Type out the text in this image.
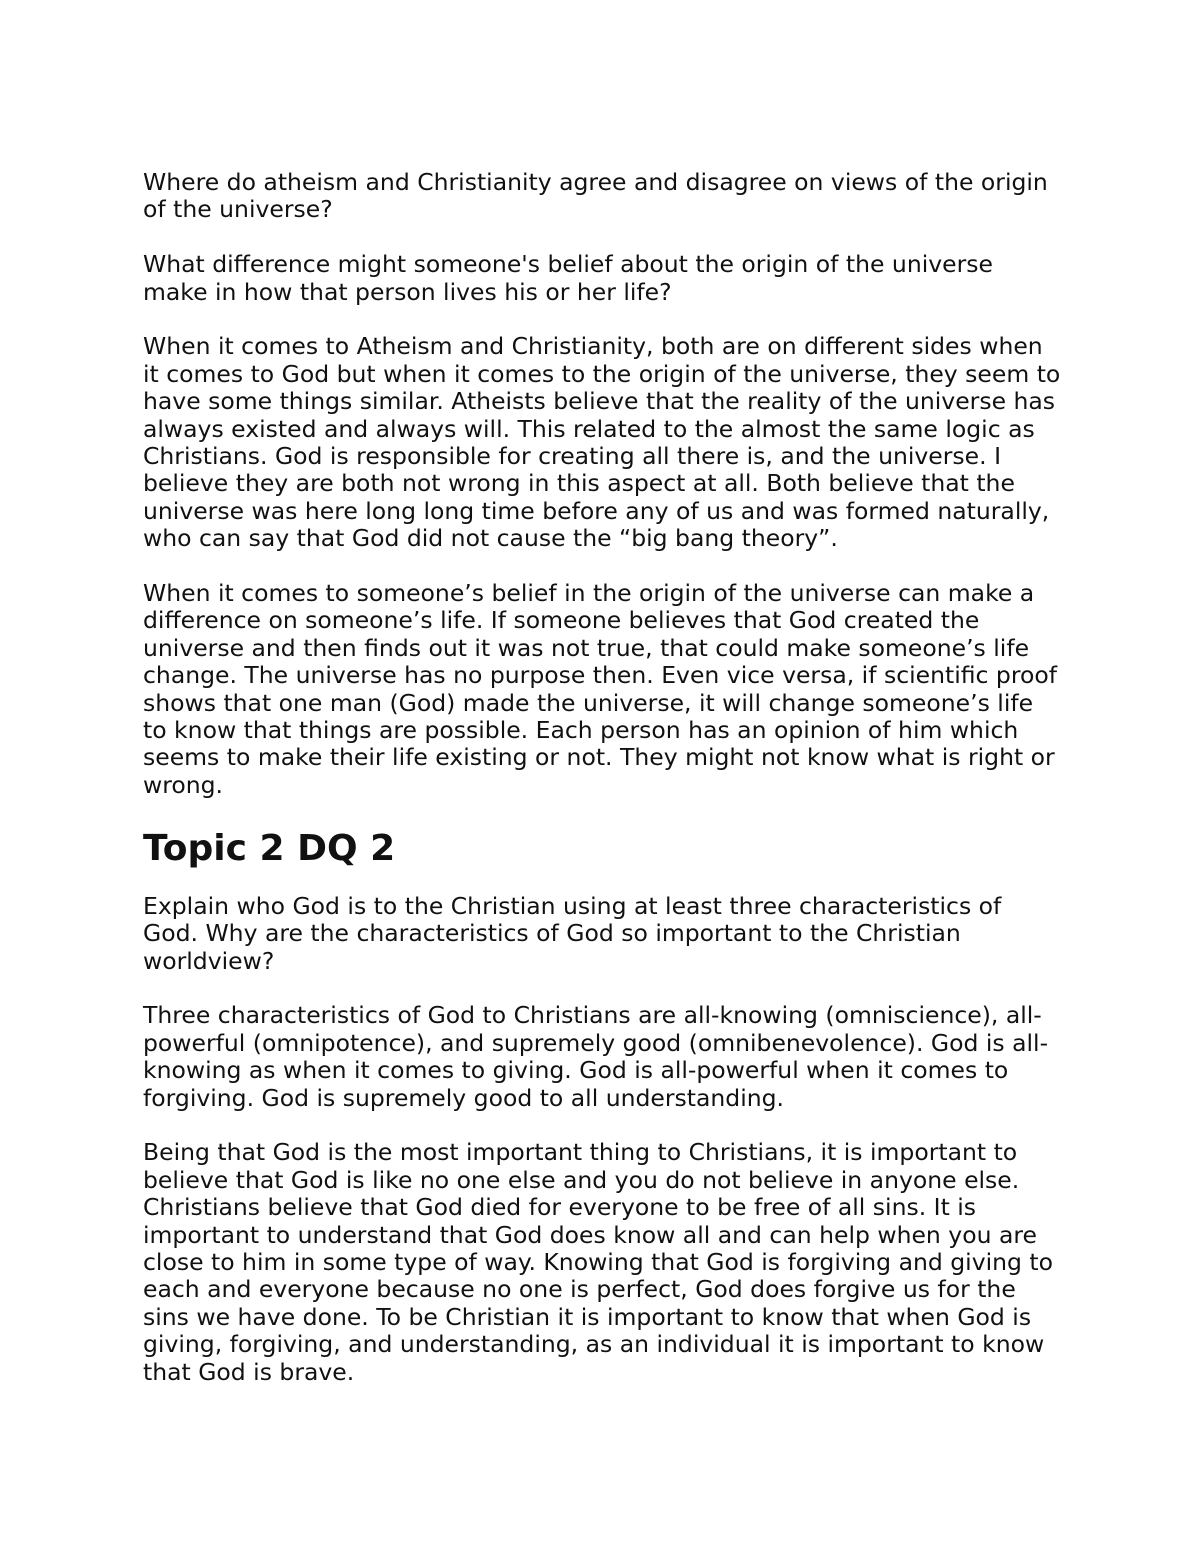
Where do atheism and Christianity agree and disagree on views of the origin of the universe?

What difference might someone's belief about the origin of the universe make in how that person lives his or her life?

When it comes to Atheism and Christianity, both are on different sides when it comes to God but when it comes to the origin of the universe, they seem to have some things similar. Atheists believe that the reality of the universe has always existed and always will. This related to the almost the same logic as Christians. God is responsible for creating all there is, and the universe. I believe they are both not wrong in this aspect at all. Both believe that the universe was here long long time before any of us and was formed naturally, who can say that God did not cause the “big bang theory”.

When it comes to someone’s belief in the origin of the universe can make a difference on someone’s life. If someone believes that God created the universe and then finds out it was not true, that could make someone’s life change. The universe has no purpose then. Even vice versa, if scientific proof shows that one man (God) made the universe, it will change someone’s life to know that things are possible. Each person has an opinion of him which seems to make their life existing or not. They might not know what is right or wrong.

Topic 2 DQ 2

Explain who God is to the Christian using at least three characteristics of God. Why are the characteristics of God so important to the Christian worldview?

Three characteristics of God to Christians are all-knowing (omniscience), all-powerful (omnipotence), and supremely good (omnibenevolence). God is all-knowing as when it comes to giving. God is all-powerful when it comes to forgiving. God is supremely good to all understanding.

Being that God is the most important thing to Christians, it is important to believe that God is like no one else and you do not believe in anyone else. Christians believe that God died for everyone to be free of all sins. It is important to understand that God does know all and can help when you are close to him in some type of way. Knowing that God is forgiving and giving to each and everyone because no one is perfect, God does forgive us for the sins we have done. To be Christian it is important to know that when God is giving, forgiving, and understanding, as an individual it is important to know that God is brave.
